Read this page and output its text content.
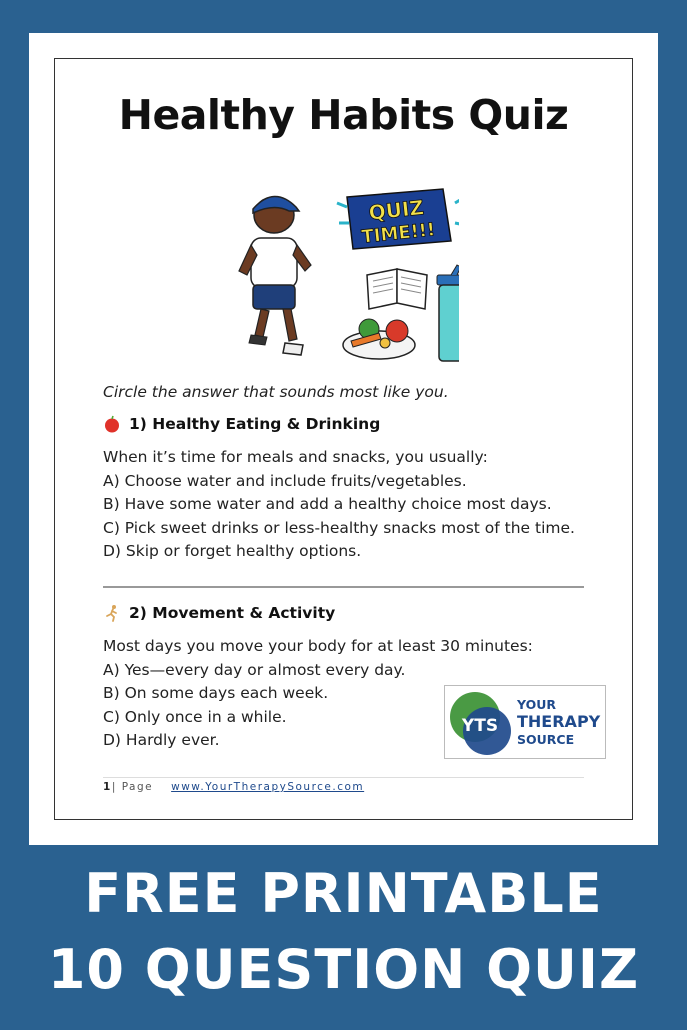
Healthy Habits Quiz
QUIZ
TIME!!!
Circle the answer that sounds most like you.
1) Healthy Eating & Drinking
When it’s time for meals and snacks, you usually:
A) Choose water and include fruits/vegetables.
B) Have some water and add a healthy choice most days.
C) Pick sweet drinks or less-healthy snacks most of the time.
D) Skip or forget healthy options.
2) Movement & Activity
Most days you move your body for at least 30 minutes:
A) Yes—every day or almost every day.
B) On some days each week.
C) Only once in a while.
D) Hardly ever.
YTS
YOUR
THERAPY
SOURCE
1| Page www.YourTherapySource.com
FREE PRINTABLE
10 QUESTION QUIZ
